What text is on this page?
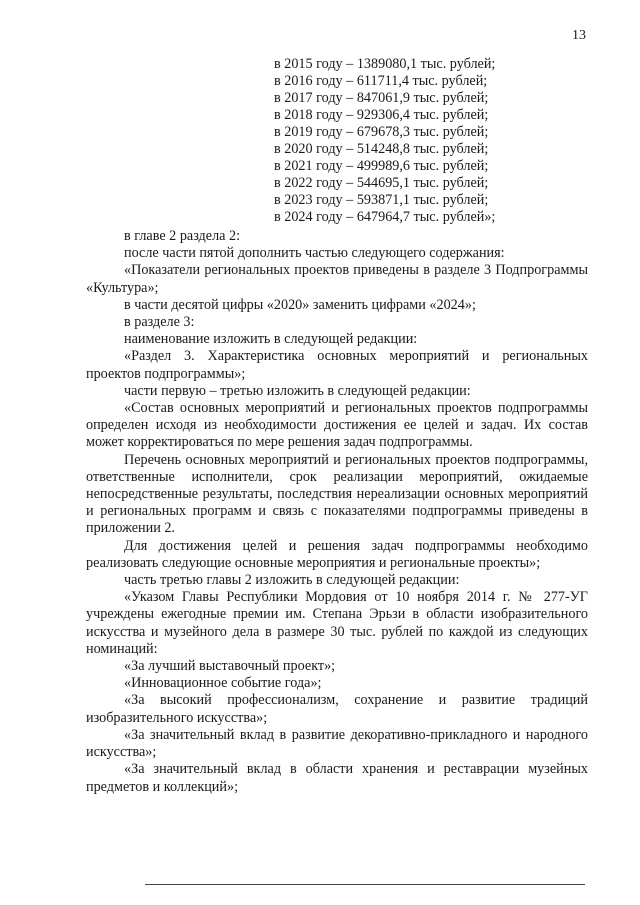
13
в 2015 году – 1389080,1 тыс. рублей;
в 2016 году – 611711,4 тыс. рублей;
в 2017 году – 847061,9 тыс. рублей;
в 2018 году – 929306,4 тыс. рублей;
в 2019 году – 679678,3 тыс. рублей;
в 2020 году – 514248,8 тыс. рублей;
в 2021 году – 499989,6 тыс. рублей;
в 2022 году – 544695,1 тыс. рублей;
в 2023 году – 593871,1 тыс. рублей;
в 2024 году – 647964,7 тыс. рублей»;

в главе 2 раздела 2:

после части пятой дополнить частью следующего содержания:

«Показатели региональных проектов приведены в разделе 3 Подпрограммы «Культура»;

в части десятой цифры «2020» заменить цифрами «2024»;

в разделе 3:

наименование изложить в следующей редакции:

«Раздел 3. Характеристика основных мероприятий и региональных проектов подпрограммы»;

части первую – третью изложить в следующей редакции:

«Состав основных мероприятий и региональных проектов подпрограммы определен исходя из необходимости достижения ее целей и задач. Их состав может корректироваться по мере решения задач подпрограммы.

Перечень основных мероприятий и региональных проектов подпрограммы, ответственные исполнители, срок реализации мероприятий, ожидаемые непосредственные результаты, последствия нереализации основных мероприятий и региональных программ и связь с показателями подпрограммы приведены в приложении 2.

Для достижения целей и решения задач подпрограммы необходимо реализовать следующие основные мероприятия и региональные проекты»;

часть третью главы 2 изложить в следующей редакции:

«Указом Главы Республики Мордовия от 10 ноября 2014 г. № 277-УГ учреждены ежегодные премии им. Степана Эрьзи в области изобразительного искусства и музейного дела в размере 30 тыс. рублей по каждой из следующих номинаций:

«За лучший выставочный проект»;

«Инновационное событие года»;

«За высокий профессионализм, сохранение и развитие традиций изобразительного искусства»;

«За значительный вклад в развитие декоративно-прикладного и народного искусства»;

«За значительный вклад в области хранения и реставрации музейных предметов и коллекций»;
